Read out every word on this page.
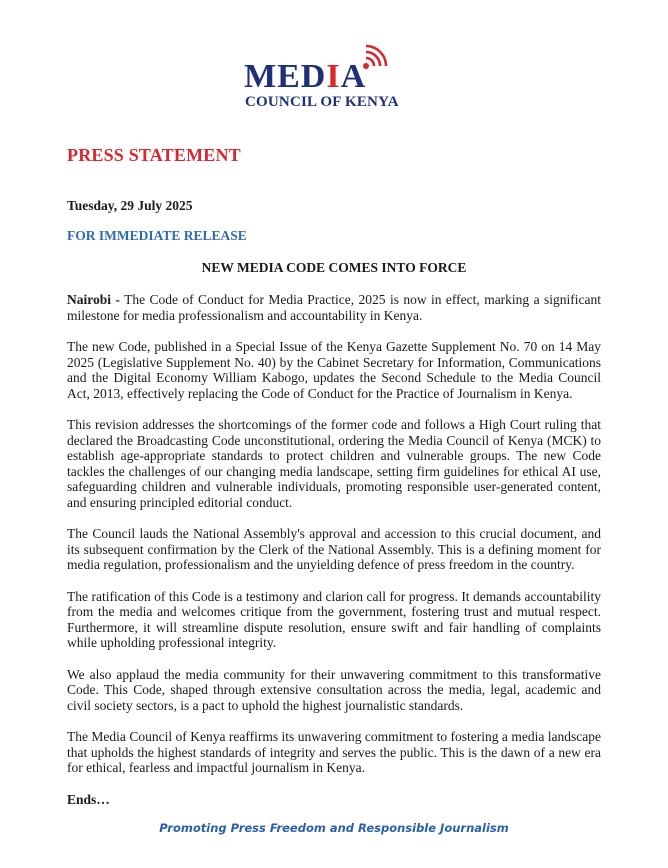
MEDIA
COUNCIL OF KENYA
PRESS STATEMENT
Tuesday, 29 July 2025
FOR IMMEDIATE RELEASE
NEW MEDIA CODE COMES INTO FORCE

Nairobi - The Code of Conduct for Media Practice, 2025 is now in effect, marking a significant milestone for media professionalism and accountability in Kenya.

The new Code, published in a Special Issue of the Kenya Gazette Supplement No. 70 on 14 May 2025 (Legislative Supplement No. 40) by the Cabinet Secretary for Information, Communications and the Digital Economy William Kabogo, updates the Second Schedule to the Media Council Act, 2013, effectively replacing the Code of Conduct for the Practice of Journalism in Kenya.

This revision addresses the shortcomings of the former code and follows a High Court ruling that declared the Broadcasting Code unconstitutional, ordering the Media Council of Kenya (MCK) to establish age-appropriate standards to protect children and vulnerable groups. The new Code tackles the challenges of our changing media landscape, setting firm guidelines for ethical AI use, safeguarding children and vulnerable individuals, promoting responsible user-generated content, and ensuring principled editorial conduct.

The Council lauds the National Assembly's approval and accession to this crucial document, and its subsequent confirmation by the Clerk of the National Assembly. This is a defining moment for media regulation, professionalism and the unyielding defence of press freedom in the country.

The ratification of this Code is a testimony and clarion call for progress. It demands accountability from the media and welcomes critique from the government, fostering trust and mutual respect. Furthermore, it will streamline dispute resolution, ensure swift and fair handling of complaints while upholding professional integrity.

We also applaud the media community for their unwavering commitment to this transformative Code. This Code, shaped through extensive consultation across the media, legal, academic and civil society sectors, is a pact to uphold the highest journalistic standards.

The Media Council of Kenya reaffirms its unwavering commitment to fostering a media landscape that upholds the highest standards of integrity and serves the public. This is the dawn of a new era for ethical, fearless and impactful journalism in Kenya.

Ends…
Promoting Press Freedom and Responsible Journalism
